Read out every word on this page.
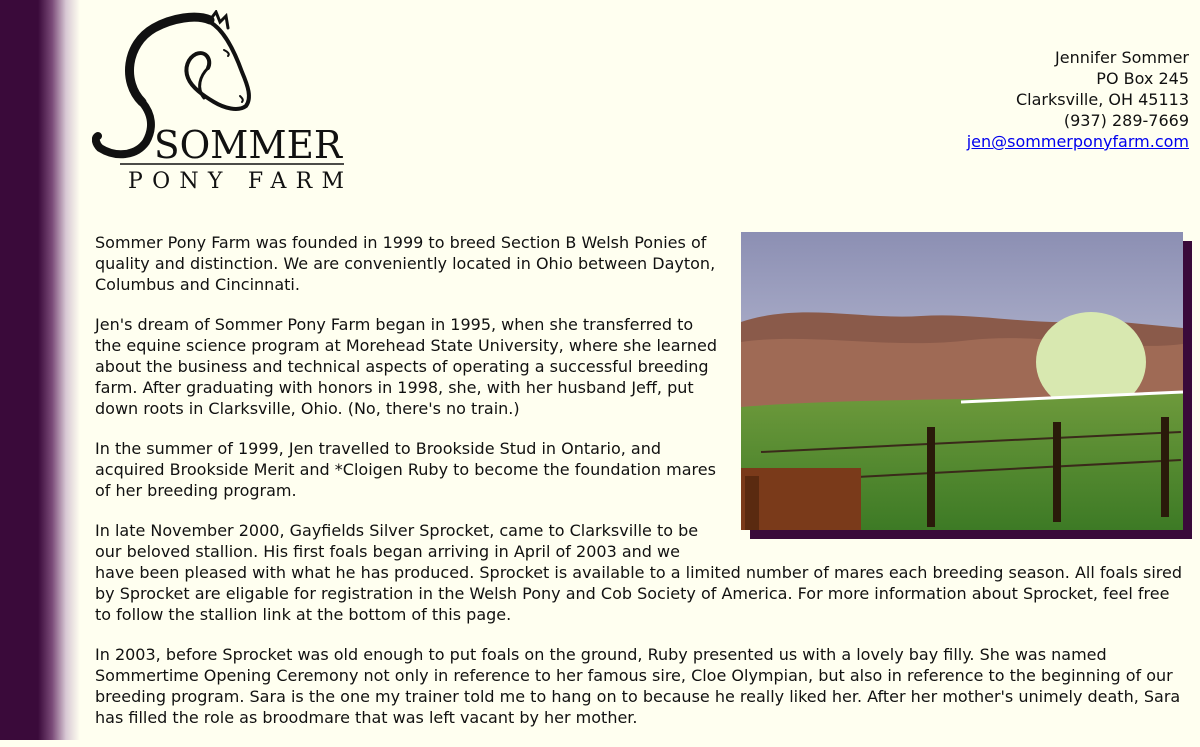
SOMMER
PONY FARM
Jennifer Sommer
PO Box 245
Clarksville, OH 45113
(937) 289-7669
jen@sommerponyfarm.com

Sommer Pony Farm was founded in 1999 to breed Section B Welsh Ponies of quality and distinction. We are conveniently located in Ohio between Dayton, Columbus and Cincinnati.

Jen's dream of Sommer Pony Farm began in 1995, when she transferred to the equine science program at Morehead State University, where she learned about the business and technical aspects of operating a successful breeding farm. After graduating with honors in 1998, she, with her husband Jeff, put down roots in Clarksville, Ohio. (No, there's no train.)

In the summer of 1999, Jen travelled to Brookside Stud in Ontario, and acquired Brookside Merit and *Cloigen Ruby to become the foundation mares of her breeding program.

In late November 2000, Gayfields Silver Sprocket, came to Clarksville to be our beloved stallion. His first foals began arriving in April of 2003 and we have been pleased with what he has produced. Sprocket is available to a limited number of mares each breeding season. All foals sired by Sprocket are eligable for registration in the Welsh Pony and Cob Society of America. For more information about Sprocket, feel free to follow the stallion link at the bottom of this page.

In 2003, before Sprocket was old enough to put foals on the ground, Ruby presented us with a lovely bay filly. She was named Sommertime Opening Ceremony not only in reference to her famous sire, Cloe Olympian, but also in reference to the beginning of our breeding program. Sara is the one my trainer told me to hang on to because he really liked her. After her mother's unimely death, Sara has filled the role as broodmare that was left vacant by her mother.
